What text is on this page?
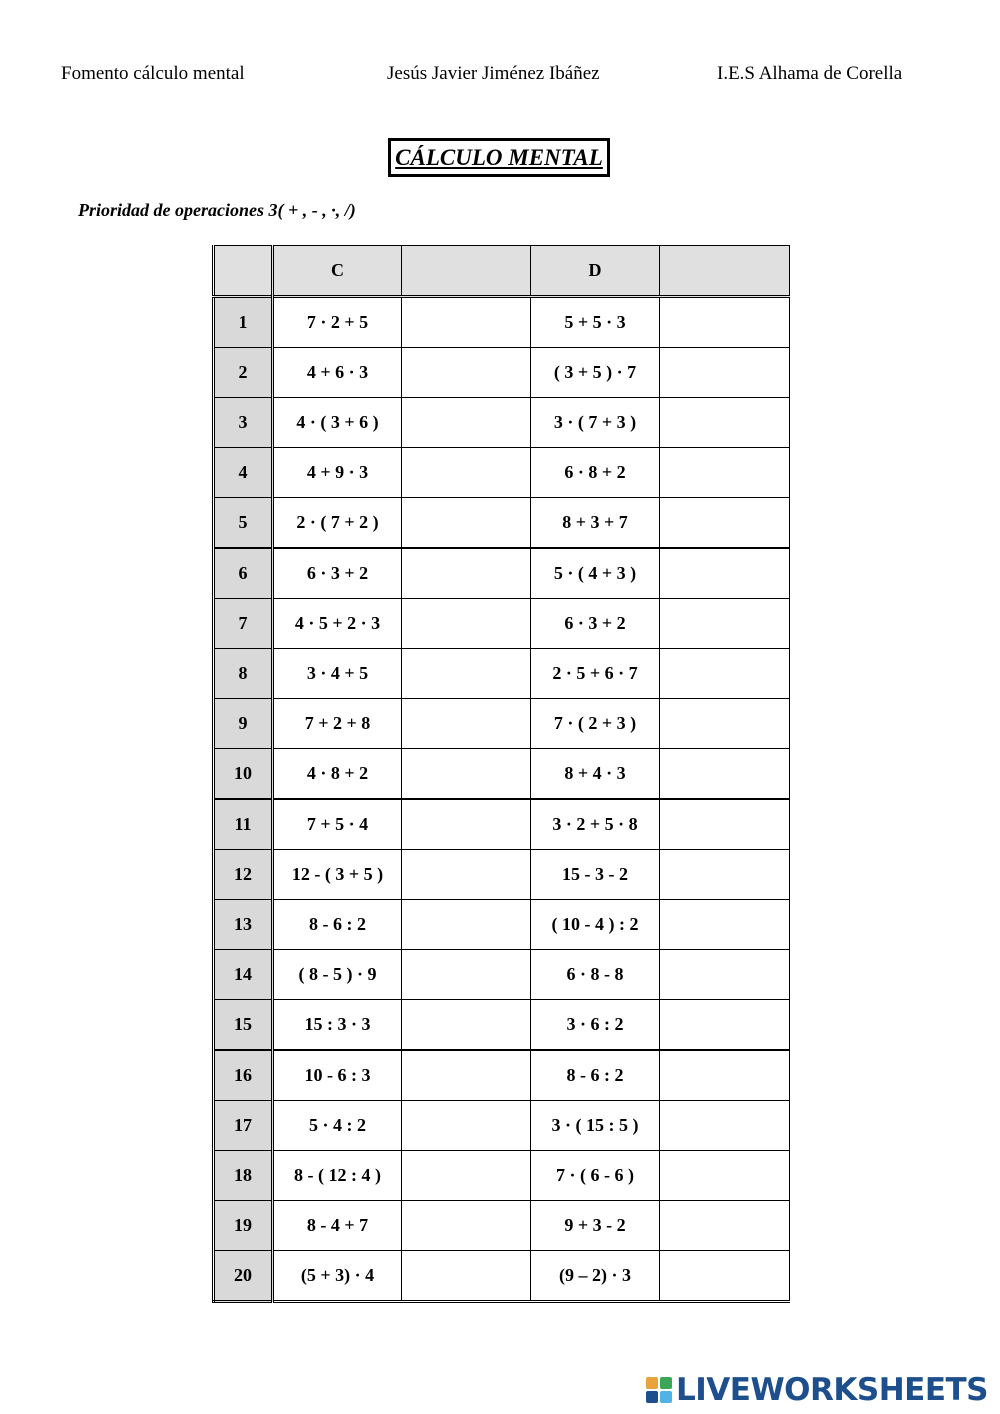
Fomento cálculo mental	Jesús Javier Jiménez Ibáñez	I.E.S Alhama de Corella
CÁLCULO MENTAL
Prioridad de operaciones 3( + , - , ·, /)
	C		D	
1	7 · 2 + 5		5 + 5 · 3	
2	4 + 6 · 3		( 3 + 5 ) · 7	
3	4 · ( 3 + 6 )		3 · ( 7 + 3 )	
4	4 + 9 · 3		6 · 8 + 2	
5	2 · ( 7 + 2 )		8 + 3 + 7	
6	6 · 3 + 2		5 · ( 4 + 3 )	
7	4 · 5 + 2 · 3		6 · 3 + 2	
8	3 · 4 + 5		2 · 5 + 6 · 7	
9	7 + 2 + 8		7 · ( 2 + 3 )	
10	4 · 8 + 2		8 + 4 · 3	
11	7 + 5 · 4		3 · 2 + 5 · 8	
12	12 - ( 3 + 5 )		15 - 3 - 2	
13	8 - 6 : 2		( 10 - 4 ) : 2	
14	( 8 - 5 ) · 9		6 · 8 - 8	
15	15 : 3 · 3		3 · 6 : 2	
16	10 - 6 : 3		8 - 6 : 2	
17	5 · 4 : 2		3 · ( 15 : 5 )	
18	8 - ( 12 : 4 )		7 · ( 6 - 6 )	
19	8 - 4 + 7		9 + 3 - 2	
20	(5 + 3) · 4		(9 – 2) · 3	
LIVEWORKSHEETS
